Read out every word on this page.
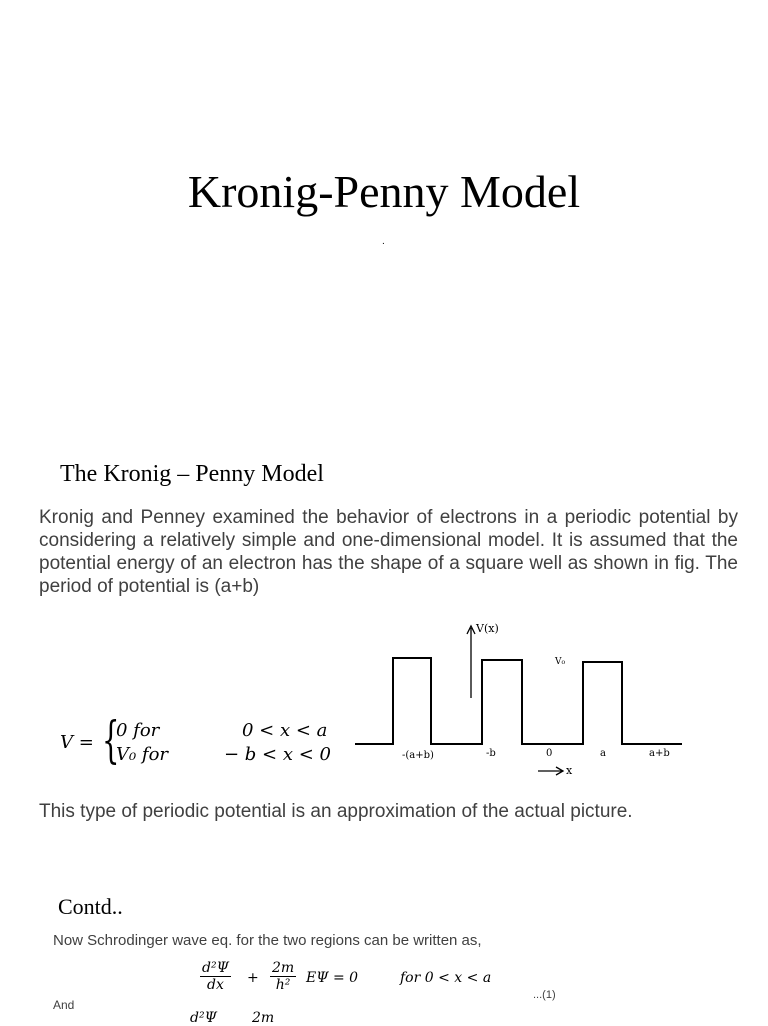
Kronig-Penny Model
.
The Kronig – Penny Model

Kronig and Penney examined the behavior of electrons in a periodic potential by considering a relatively simple and one-dimensional model. It is assumed that the potential energy of an electron has the shape of a square well as shown in fig. The period of potential is (a+b)

V = {
0 for
V₀ for
0 < x < a
− b < x < 0
V(x)
V₀
-(a+b)	-b	0	a	a+b
x
This type of periodic potential is an approximation of the actual picture.
Contd..
Now Schrodinger wave eq. for the two regions can be written as,
$\frac{\text{d²Ψ}}{dx} + \frac{2m}{\text{h²}}$ EΨ = 0	for 0 < x < a
...(1)
And
d²Ψ	2m
